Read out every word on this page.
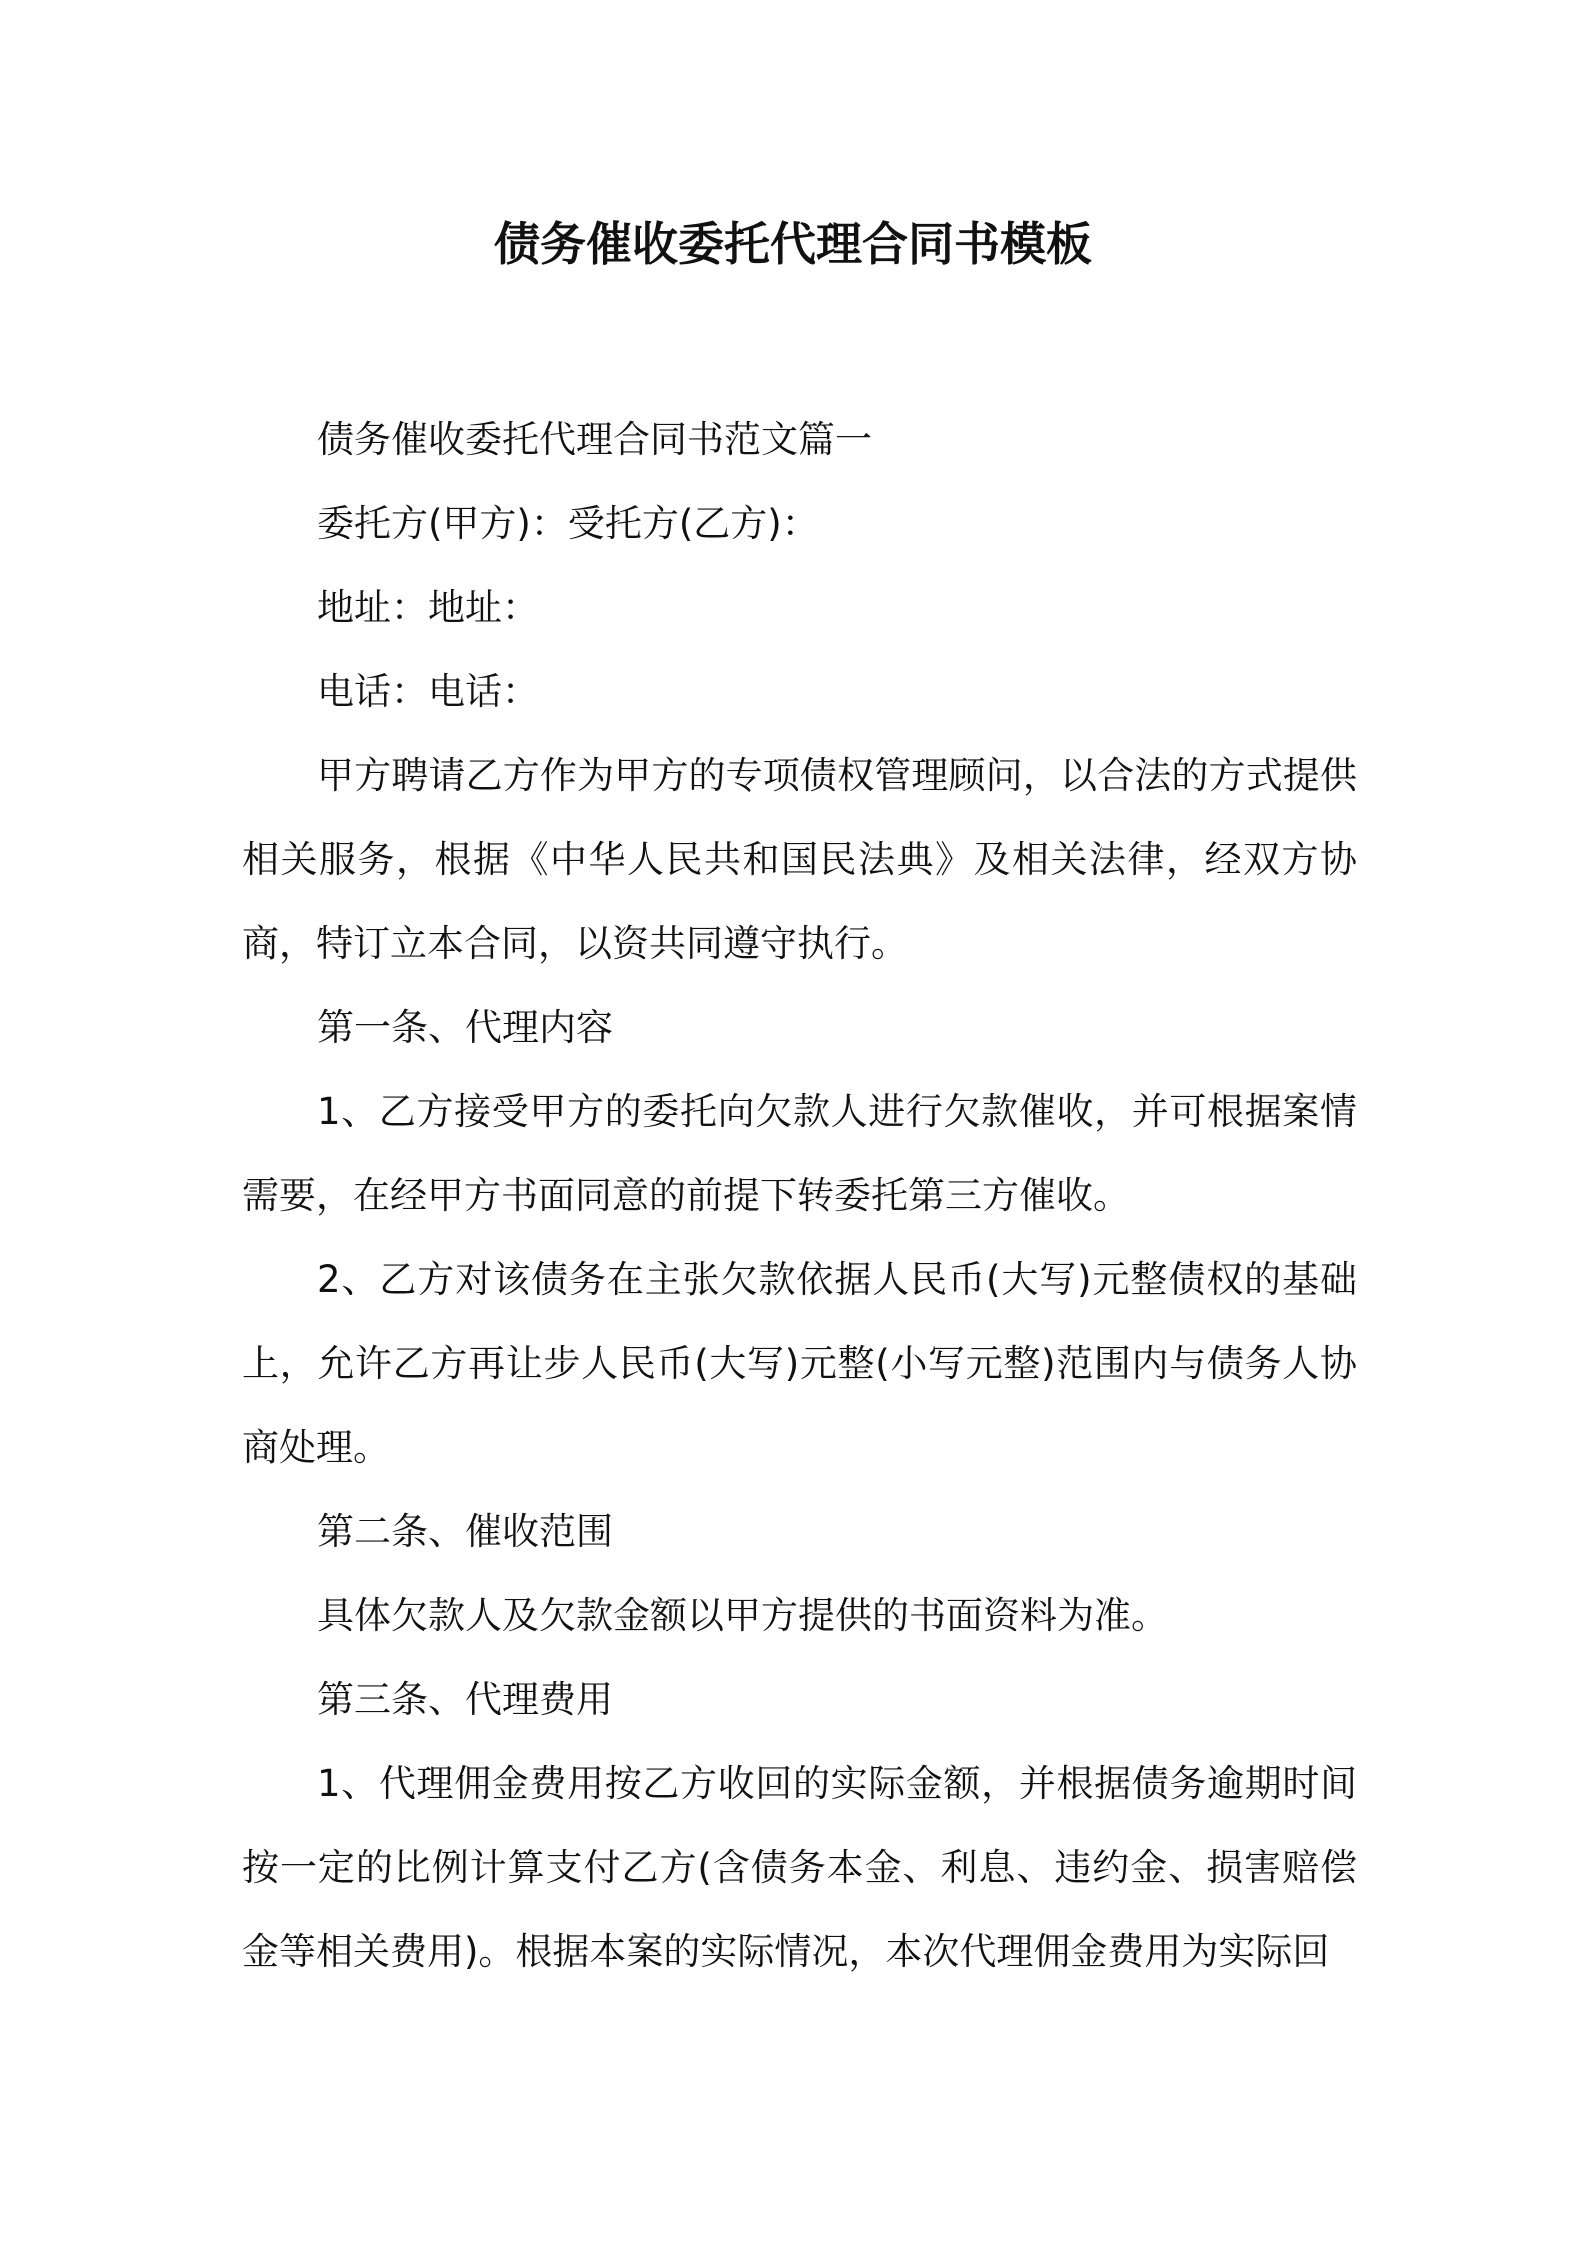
债务催收委托代理合同书模板

债务催收委托代理合同书范文篇一

委托方(甲方)：受托方(乙方)：

地址：地址：

电话：电话：

甲方聘请乙方作为甲方的专项债权管理顾问，以合法的方式提供相关服务，根据《中华人民共和国民法典》及相关法律，经双方协商，特订立本合同，以资共同遵守执行。

第一条、代理内容

1、乙方接受甲方的委托向欠款人进行欠款催收，并可根据案情需要，在经甲方书面同意的前提下转委托第三方催收。

2、乙方对该债务在主张欠款依据人民币(大写)元整债权的基础上，允许乙方再让步人民币(大写)元整(小写元整)范围内与债务人协商处理。

第二条、催收范围

具体欠款人及欠款金额以甲方提供的书面资料为准。

第三条、代理费用

1、代理佣金费用按乙方收回的实际金额，并根据债务逾期时间按一定的比例计算支付乙方(含债务本金、利息、违约金、损害赔偿金等相关费用)。根据本案的实际情况，本次代理佣金费用为实际回
